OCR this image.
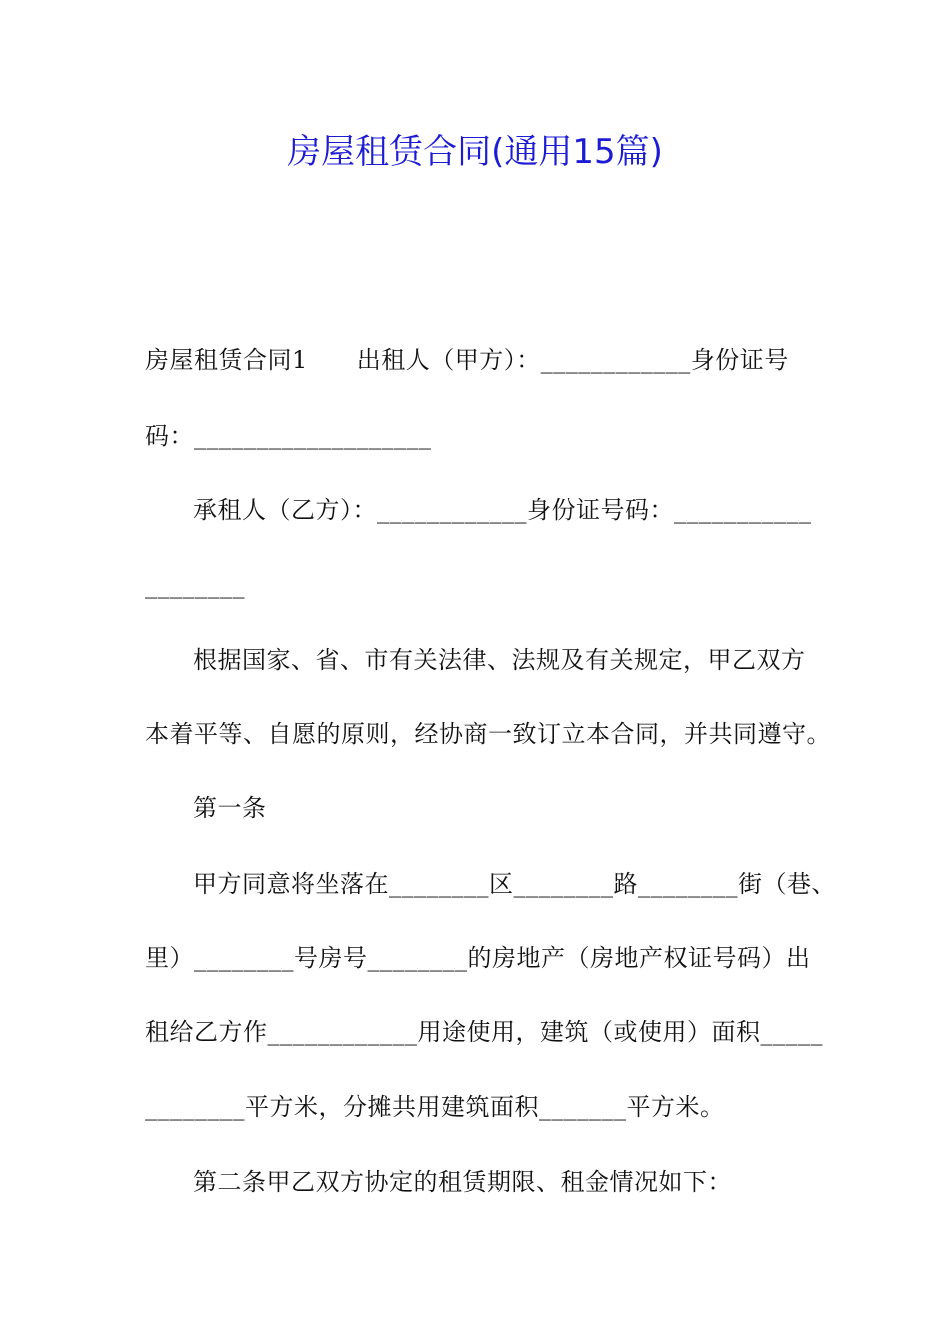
房屋租赁合同(通用15篇)
房屋租赁合同1　　出租人（甲方）：____________身份证号
码：___________________
承租人（乙方）：____________身份证号码：___________
________
根据国家、省、市有关法律、法规及有关规定，甲乙双方
本着平等、自愿的原则，经协商一致订立本合同，并共同遵守。
第一条
甲方同意将坐落在________区________路________街（巷、
里）________号房号________的房地产（房地产权证号码）出
租给乙方作____________用途使用，建筑（或使用）面积_____
________平方米，分摊共用建筑面积_______平方米。
第二条甲乙双方协定的租赁期限、租金情况如下：
